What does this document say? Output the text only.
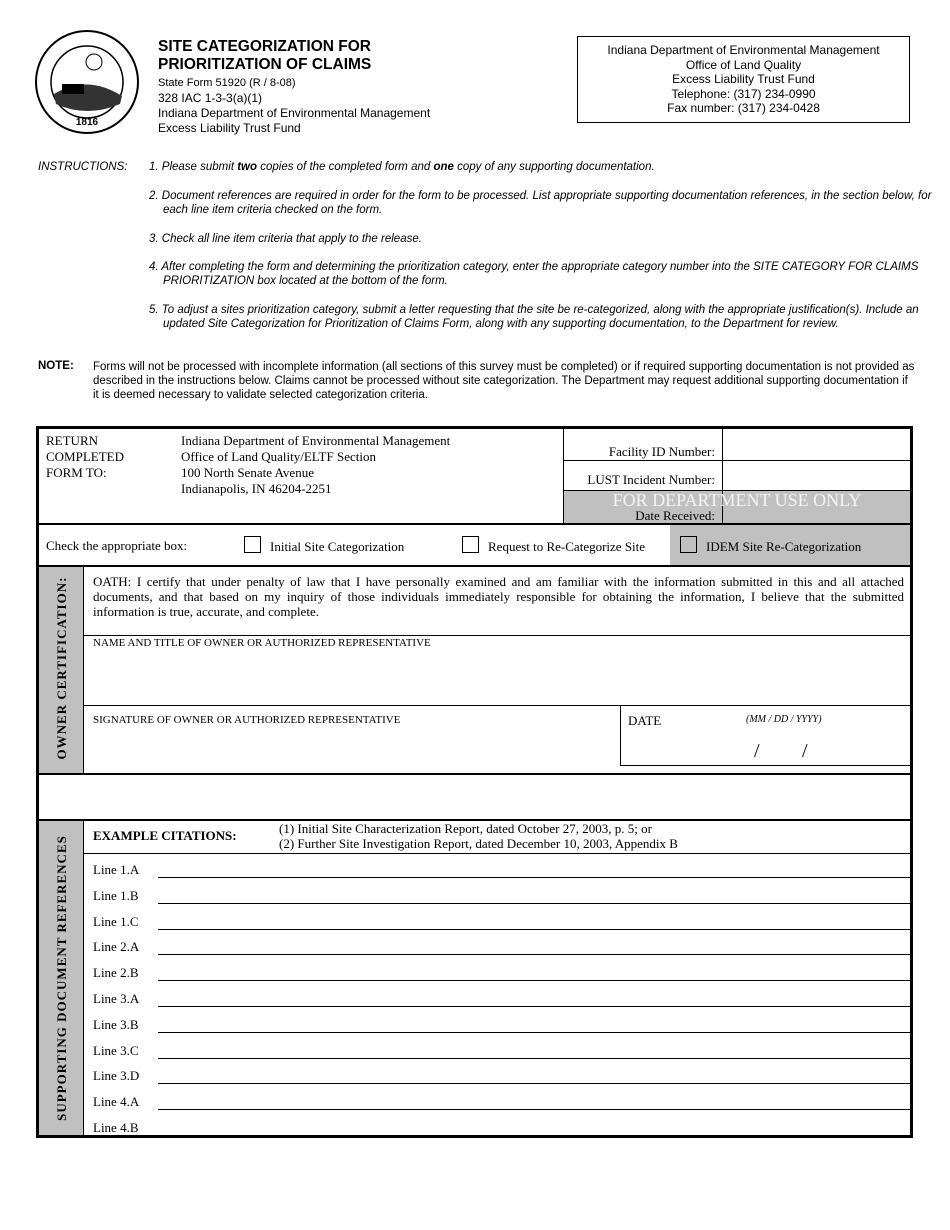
1816
SITE CATEGORIZATION FOR PRIORITIZATION OF CLAIMS
State Form 51920 (R / 8-08)
328 IAC 1-3-3(a)(1)
Indiana Department of Environmental Management
Excess Liability Trust Fund
Indiana Department of Environmental Management
Office of Land Quality
Excess Liability Trust Fund
Telephone: (317) 234-0990
Fax number: (317) 234-0428
INSTRUCTIONS: 1. Please submit two copies of the completed form and one copy of any supporting documentation.
2. Document references are required in order for the form to be processed. List appropriate supporting documentation references, in the section below, for each line item criteria checked on the form.
3. Check all line item criteria that apply to the release.
4. After completing the form and determining the prioritization category, enter the appropriate category number into the SITE CATEGORY FOR CLAIMS PRIORITIZATION box located at the bottom of the form.
5. To adjust a sites prioritization category, submit a letter requesting that the site be re-categorized, along with the appropriate justification(s). Include an updated Site Categorization for Prioritization of Claims Form, along with any supporting documentation, to the Department for review.
NOTE: Forms will not be processed with incomplete information (all sections of this survey must be completed) or if required supporting documentation is not provided as described in the instructions below. Claims cannot be processed without site categorization. The Department may request additional supporting documentation if it is deemed necessary to validate selected categorization criteria.
RETURN
COMPLETED
FORM TO:
Indiana Department of Environmental Management
Office of Land Quality/ELTF Section
100 North Senate Avenue
Indianapolis, IN 46204-2251
Facility ID Number:
LUST Incident Number:
FOR DEPARTMENT USE ONLY
Date Received:
Check the appropriate box:	Initial Site Categorization	Request to Re-Categorize Site	IDEM Site Re-Categorization
OWNER CERTIFICATION: OATH: I certify that under penalty of law that I have personally examined and am familiar with the information submitted in this and all attached documents, and that based on my inquiry of those individuals immediately responsible for obtaining the information, I believe that the submitted information is true, accurate, and complete.
NAME AND TITLE OF OWNER OR AUTHORIZED REPRESENTATIVE
SIGNATURE OF OWNER OR AUTHORIZED REPRESENTATIVE	DATE	(MM / DD / YYYY)
/ /
SUPPORTING DOCUMENT REFERENCES EXAMPLE CITATIONS:	(1) Initial Site Characterization Report, dated October 27, 2003, p. 5; or
(2) Further Site Investigation Report, dated December 10, 2003, Appendix B
Line 1.A
Line 1.B
Line 1.C
Line 2.A
Line 2.B
Line 3.A
Line 3.B
Line 3.C
Line 3.D
Line 4.A
Line 4.B
